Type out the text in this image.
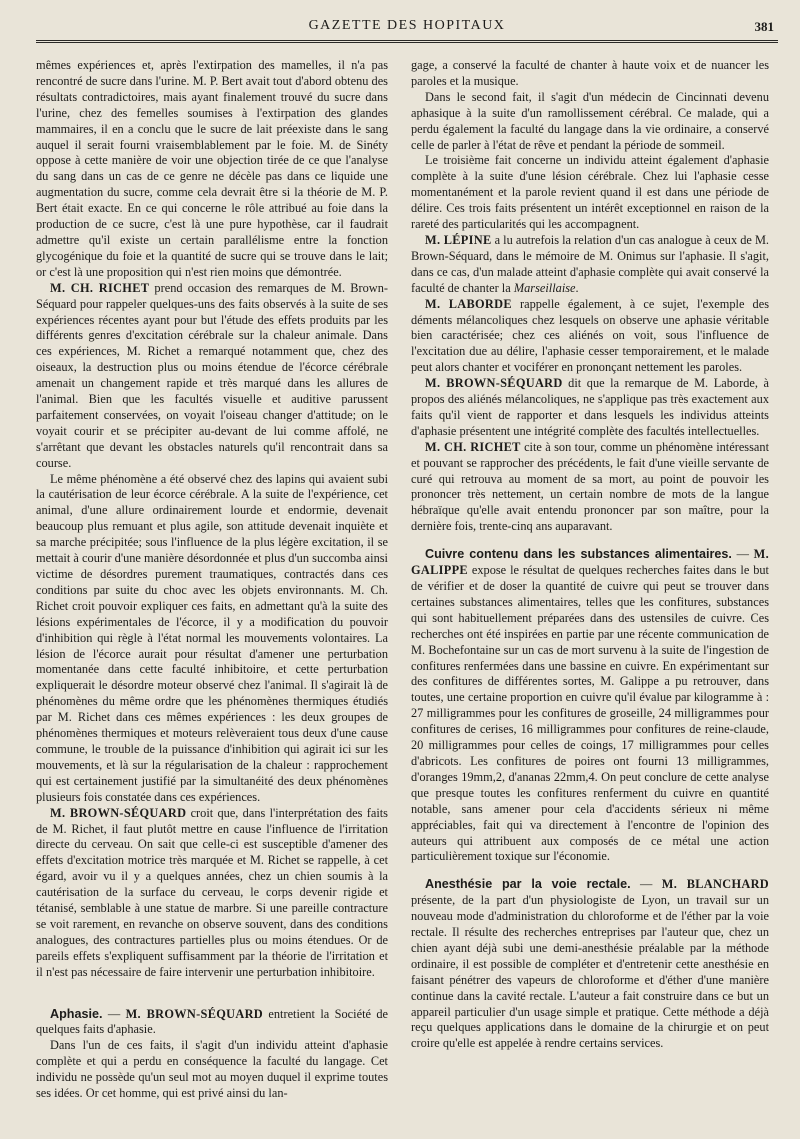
GAZETTE DES HOPITAUX	381

mêmes expériences et, après l'extirpation des mamelles, il n'a pas rencontré de sucre dans l'urine. M. P. Bert avait tout d'abord obtenu des résultats contradictoires, mais ayant finalement trouvé du sucre dans l'urine, chez des femelles soumises à l'extirpation des glandes mammaires, il en a conclu que le sucre de lait préexiste dans le sang auquel il serait fourni vraisemblablement par le foie. M. de Sinéty oppose à cette manière de voir une objection tirée de ce que l'analyse du sang dans un cas de ce genre ne décèle pas dans ce liquide une augmentation du sucre, comme cela devrait être si la théorie de M. P. Bert était exacte. En ce qui concerne le rôle attribué au foie dans la production de ce sucre, c'est là une pure hypothèse, car il faudrait admettre qu'il existe un certain parallélisme entre la fonction glycogénique du foie et la quantité de sucre qui se trouve dans le lait; or c'est là une proposition qui n'est rien moins que démontrée.

M. CH. RICHET prend occasion des remarques de M. Brown-Séquard pour rappeler quelques-uns des faits observés à la suite de ses expériences récentes ayant pour but l'étude des effets produits par les différents genres d'excitation cérébrale sur la chaleur animale. Dans ces expériences, M. Richet a remarqué notamment que, chez des oiseaux, la destruction plus ou moins étendue de l'écorce cérébrale amenait un changement rapide et très marqué dans les allures de l'animal. Bien que les facultés visuelle et auditive parussent parfaitement conservées, on voyait l'oiseau changer d'attitude; on le voyait courir et se précipiter au-devant de lui comme affolé, ne s'arrêtant que devant les obstacles naturels qu'il rencontrait dans sa course.

Le même phénomène a été observé chez des lapins qui avaient subi la cautérisation de leur écorce cérébrale. A la suite de l'expérience, cet animal, d'une allure ordinairement lourde et endormie, devenait beaucoup plus remuant et plus agile, son attitude devenait inquiète et sa marche précipitée; sous l'influence de la plus légère excitation, il se mettait à courir d'une manière désordonnée et plus d'un succomba ainsi victime de désordres purement traumatiques, contractés dans ces conditions par suite du choc avec les objets environnants. M. Ch. Richet croit pouvoir expliquer ces faits, en admettant qu'à la suite des lésions expérimentales de l'écorce, il y a modification du pouvoir d'inhibition qui règle à l'état normal les mouvements volontaires. La lésion de l'écorce aurait pour résultat d'amener une perturbation momentanée dans cette faculté inhibitoire, et cette perturbation expliquerait le désordre moteur observé chez l'animal. Il s'agirait là de phénomènes du même ordre que les phénomènes thermiques étudiés par M. Richet dans ces mêmes expériences : les deux groupes de phénomènes thermiques et moteurs relèveraient tous deux d'une cause commune, le trouble de la puissance d'inhibition qui agirait ici sur les mouvements, et là sur la régularisation de la chaleur : rapprochement qui est certainement justifié par la simultanéité des deux phénomènes plusieurs fois constatée dans ces expériences.

M. BROWN-SÉQUARD croit que, dans l'interprétation des faits de M. Richet, il faut plutôt mettre en cause l'influence de l'irritation directe du cerveau. On sait que celle-ci est susceptible d'amener des effets d'excitation motrice très marquée et M. Richet se rappelle, à cet égard, avoir vu il y a quelques années, chez un chien soumis à la cautérisation de la surface du cerveau, le corps devenir rigide et tétanisé, semblable à une statue de marbre. Si une pareille contracture se voit rarement, en revanche on observe souvent, dans des conditions analogues, des contractures partielles plus ou moins étendues. Or de pareils effets s'expliquent suffisamment par la théorie de l'irritation et il n'est pas nécessaire de faire intervenir une perturbation inhibitoire.

Aphasie. — M. BROWN-SÉQUARD entretient la Société de quelques faits d'aphasie.

Dans l'un de ces faits, il s'agit d'un individu atteint d'aphasie complète et qui a perdu en conséquence la faculté du langage. Cet individu ne possède qu'un seul mot au moyen duquel il exprime toutes ses idées. Or cet homme, qui est privé ainsi du lan-

gage, a conservé la faculté de chanter à haute voix et de nuancer les paroles et la musique.

Dans le second fait, il s'agit d'un médecin de Cincinnati devenu aphasique à la suite d'un ramollissement cérébral. Ce malade, qui a perdu également la faculté du langage dans la vie ordinaire, a conservé celle de parler à l'état de rêve et pendant la période de sommeil.

Le troisième fait concerne un individu atteint également d'aphasie complète à la suite d'une lésion cérébrale. Chez lui l'aphasie cesse momentanément et la parole revient quand il est dans une période de délire. Ces trois faits présentent un intérêt exceptionnel en raison de la rareté des particularités qui les accompagnent.

M. LÉPINE a lu autrefois la relation d'un cas analogue à ceux de M. Brown-Séquard, dans le mémoire de M. Onimus sur l'aphasie. Il s'agit, dans ce cas, d'un malade atteint d'aphasie complète qui avait conservé la faculté de chanter la Marseillaise.

M. LABORDE rappelle également, à ce sujet, l'exemple des déments mélancoliques chez lesquels on observe une aphasie véritable bien caractérisée; chez ces aliénés on voit, sous l'influence de l'excitation due au délire, l'aphasie cesser temporairement, et le malade peut alors chanter et vociférer en prononçant nettement les paroles.

M. BROWN-SÉQUARD dit que la remarque de M. Laborde, à propos des aliénés mélancoliques, ne s'applique pas très exactement aux faits qu'il vient de rapporter et dans lesquels les individus atteints d'aphasie présentent une intégrité complète des facultés intellectuelles.

M. CH. RICHET cite à son tour, comme un phénomène intéressant et pouvant se rapprocher des précédents, le fait d'une vieille servante de curé qui retrouva au moment de sa mort, au point de pouvoir les prononcer très nettement, un certain nombre de mots de la langue hébraïque qu'elle avait entendu prononcer par son maître, pour la dernière fois, trente-cinq ans auparavant.

Cuivre contenu dans les substances alimentaires. — M. GALIPPE expose le résultat de quelques recherches faites dans le but de vérifier et de doser la quantité de cuivre qui peut se trouver dans certaines substances alimentaires, telles que les confitures, substances qui sont habituellement préparées dans des ustensiles de cuivre. Ces recherches ont été inspirées en partie par une récente communication de M. Bochefontaine sur un cas de mort survenu à la suite de l'ingestion de confitures renfermées dans une bassine en cuivre. En expérimentant sur des confitures de différentes sortes, M. Galippe a pu retrouver, dans toutes, une certaine proportion en cuivre qu'il évalue par kilogramme à : 27 milligrammes pour les confitures de groseille, 24 milligrammes pour confitures de cerises, 16 milligrammes pour confitures de reine-claude, 20 milligrammes pour celles de coings, 17 milligrammes pour celles d'abricots. Les confitures de poires ont fourni 13 milligrammes, d'oranges 19mm,2, d'ananas 22mm,4. On peut conclure de cette analyse que presque toutes les confitures renferment du cuivre en quantité notable, sans amener pour cela d'accidents sérieux ni même appréciables, fait qui va directement à l'encontre de l'opinion des auteurs qui attribuent aux composés de ce métal une action particulièrement toxique sur l'économie.

Anesthésie par la voie rectale. — M. BLANCHARD présente, de la part d'un physiologiste de Lyon, un travail sur un nouveau mode d'administration du chloroforme et de l'éther par la voie rectale. Il résulte des recherches entreprises par l'auteur que, chez un chien ayant déjà subi une demi-anesthésie préalable par la méthode ordinaire, il est possible de compléter et d'entretenir cette anesthésie en faisant pénétrer des vapeurs de chloroforme et d'éther d'une manière continue dans la cavité rectale. L'auteur a fait construire dans ce but un appareil particulier d'un usage simple et pratique. Cette méthode a déjà reçu quelques applications dans le domaine de la chirurgie et on peut croire qu'elle est appelée à rendre certains services.
